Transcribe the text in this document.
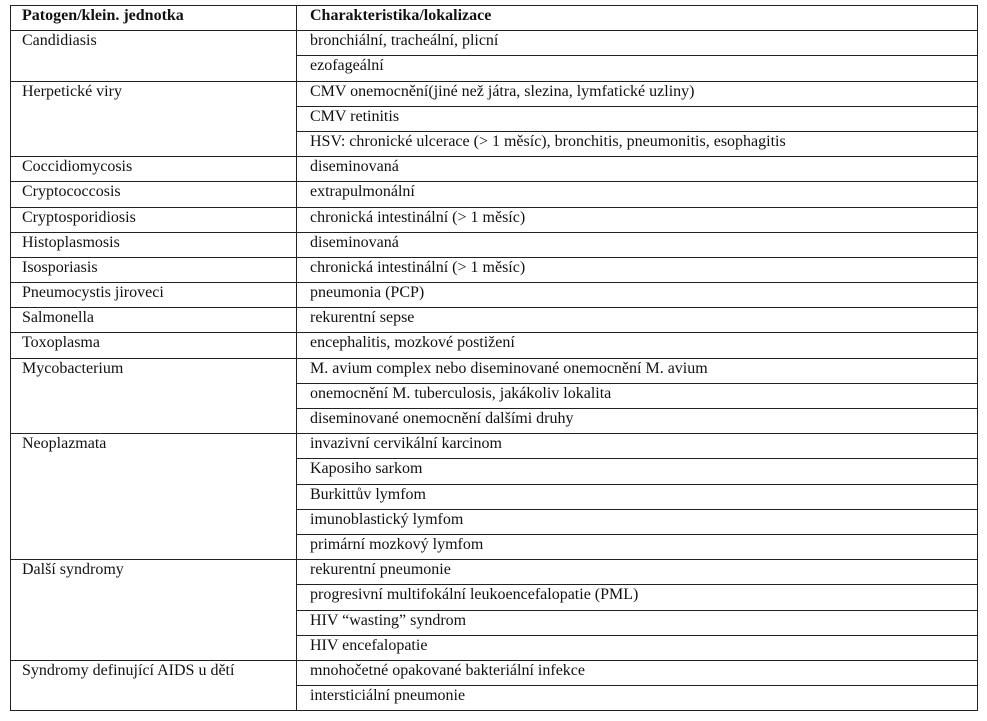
Patogen/klein. jednotka	Charakteristika/lokalizace
Candidiasis	bronchiální, tracheální, plicní
	ezofageální
Herpetické viry	CMV onemocnění(jiné než játra, slezina, lymfatické uzliny)
	CMV retinitis
	HSV: chronické ulcerace (> 1 měsíc), bronchitis, pneumonitis, esophagitis
Coccidiomycosis	diseminovaná
Cryptococcosis	extrapulmonální
Cryptosporidiosis	chronická intestinální (> 1 měsíc)
Histoplasmosis	diseminovaná
Isosporiasis	chronická intestinální (> 1 měsíc)
Pneumocystis jiroveci	pneumonia (PCP)
Salmonella	rekurentní sepse
Toxoplasma	encephalitis, mozkové postižení
Mycobacterium	M. avium complex nebo diseminované onemocnění M. avium
	onemocnění M. tuberculosis, jakákoliv lokalita
	diseminované onemocnění dalšími druhy
Neoplazmata	invazivní cervikální karcinom
	Kaposiho sarkom
	Burkittův lymfom
	imunoblastický lymfom
	primární mozkový lymfom
Další syndromy	rekurentní pneumonie
	progresivní multifokální leukoencefalopatie (PML)
	HIV “wasting” syndrom
	HIV encefalopatie
Syndromy definující AIDS u dětí	mnohočetné opakované bakteriální infekce
	intersticiální pneumonie
